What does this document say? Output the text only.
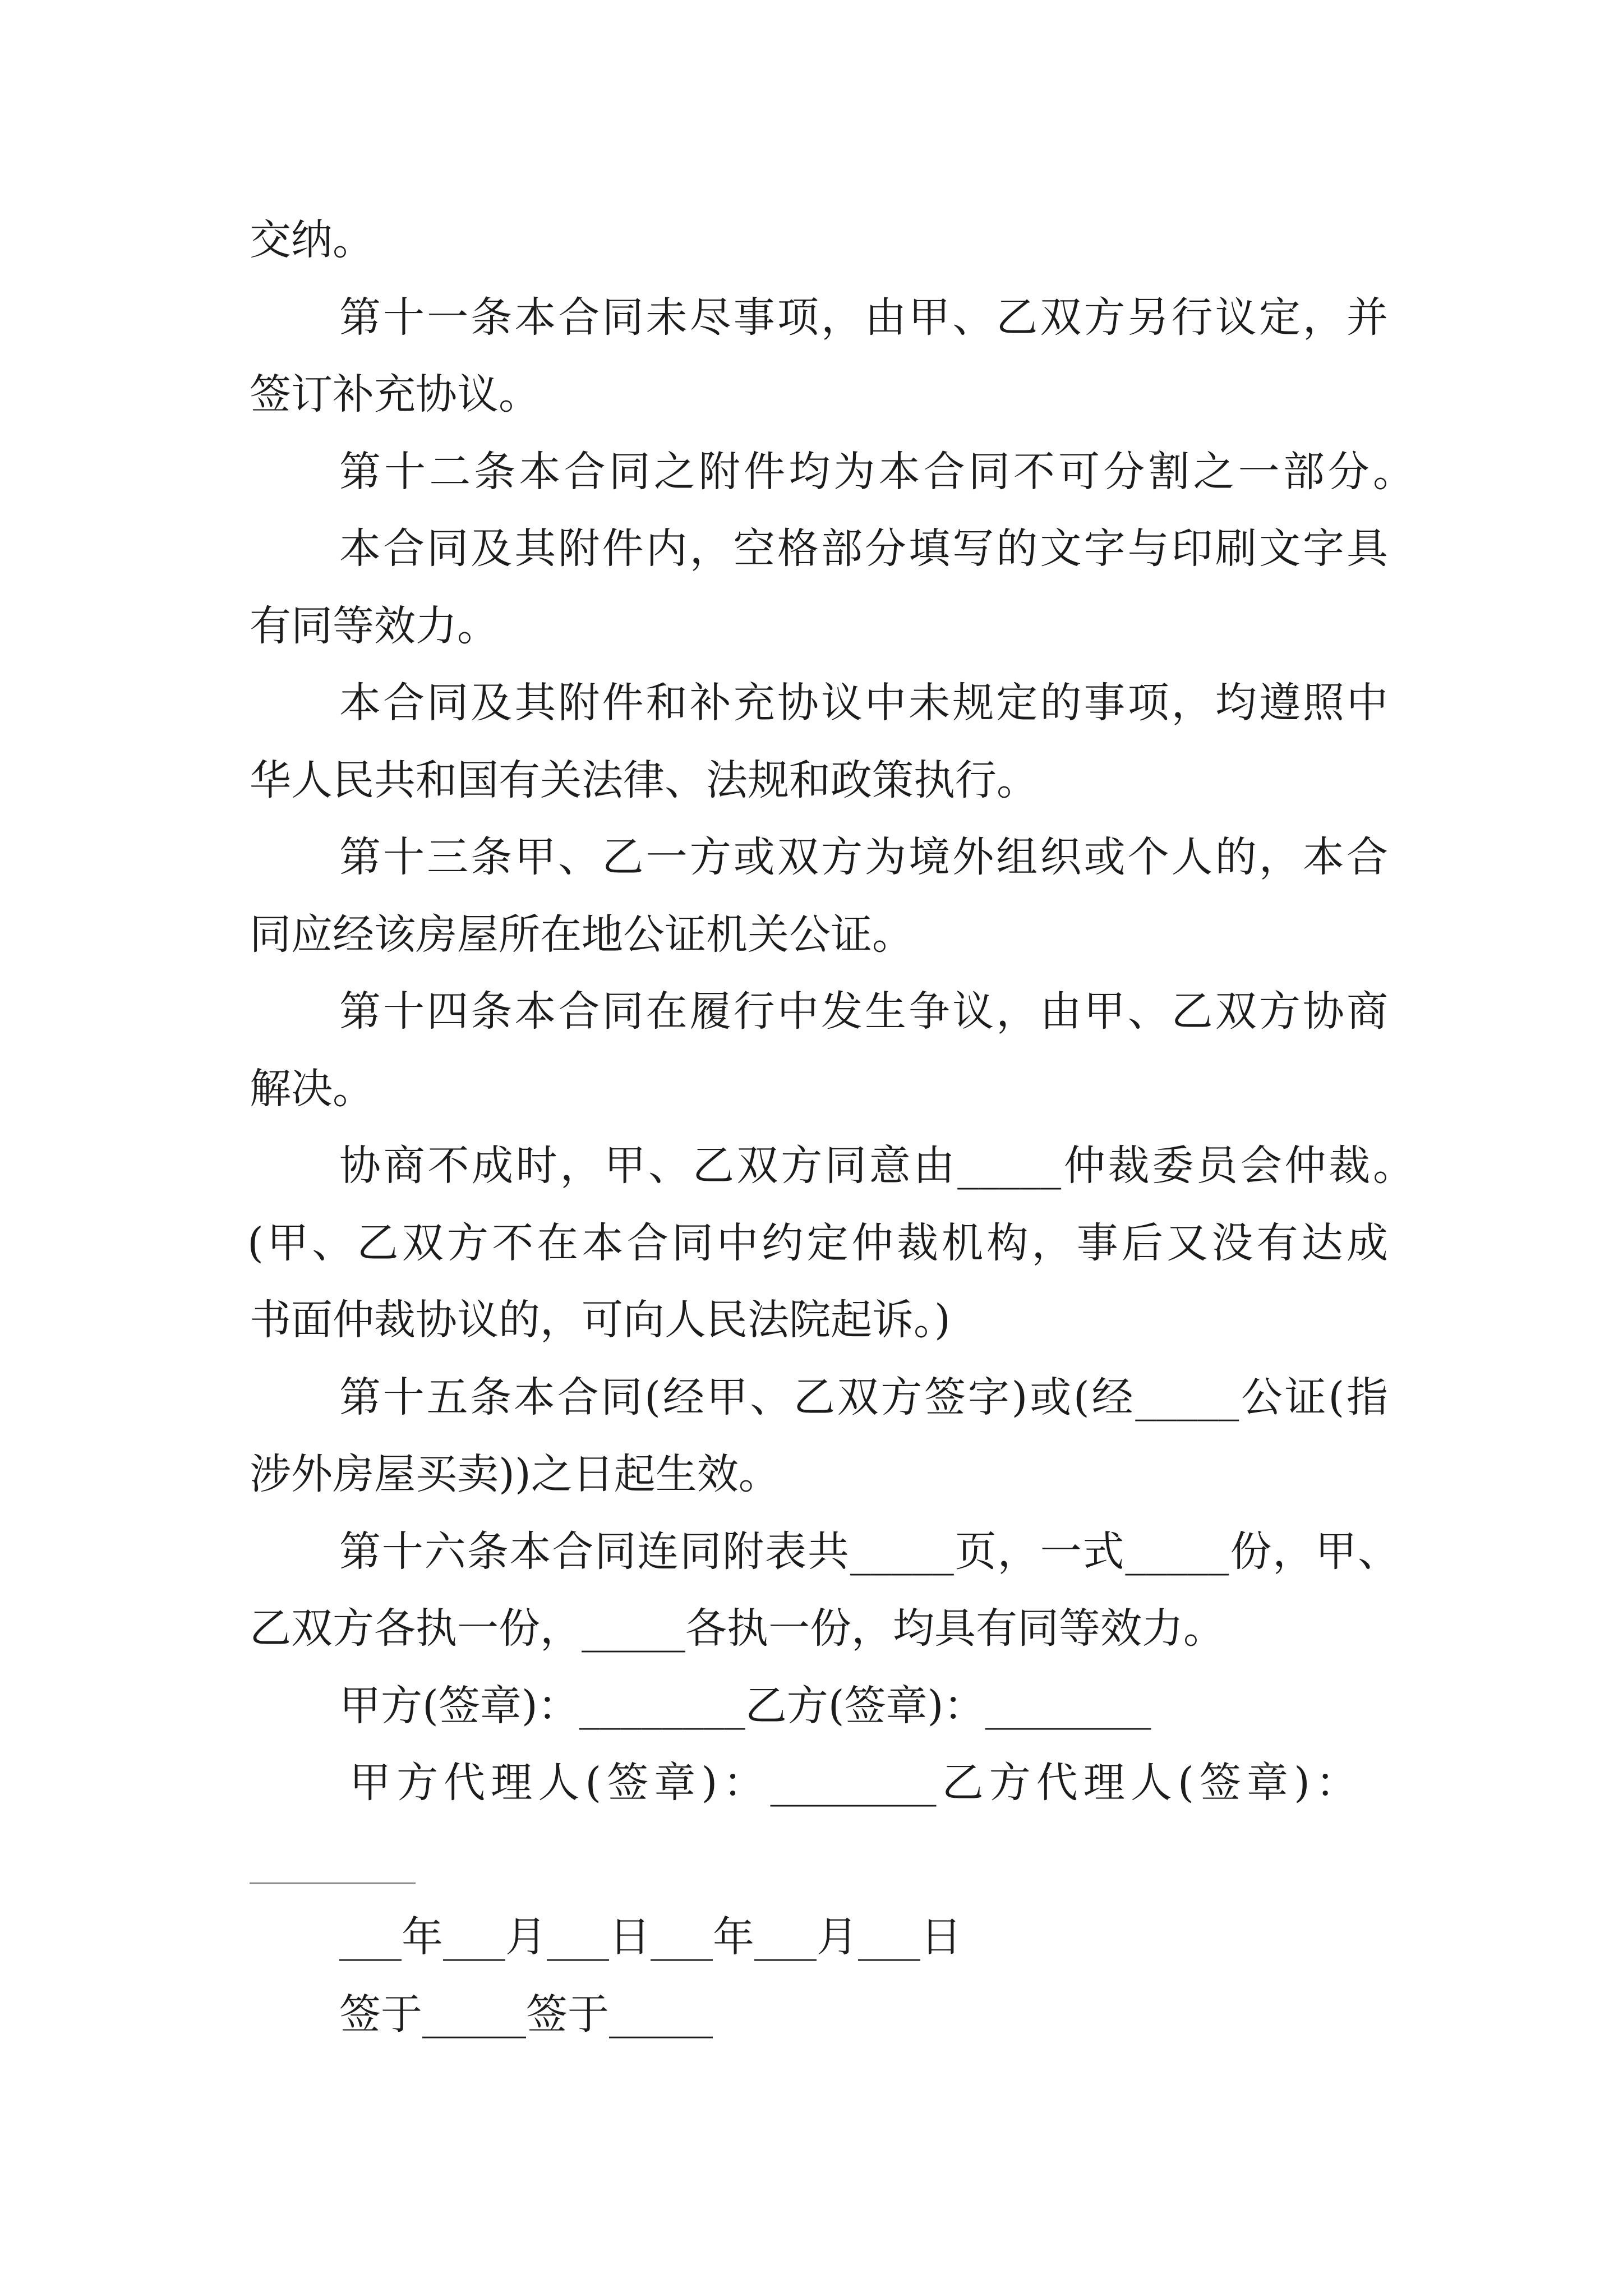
交纳。
第十一条本合同未尽事项，由甲、乙双方另行议定，并
签订补充协议。
第十二条本合同之附件均为本合同不可分割之一部分。
本合同及其附件内，空格部分填写的文字与印刷文字具
有同等效力。
本合同及其附件和补充协议中未规定的事项，均遵照中
华人民共和国有关法律、法规和政策执行。
第十三条甲、乙一方或双方为境外组织或个人的，本合
同应经该房屋所在地公证机关公证。
第十四条本合同在履行中发生争议，由甲、乙双方协商
解决。
协商不成时，甲、乙双方同意由_____仲裁委员会仲裁。
(甲、乙双方不在本合同中约定仲裁机构，事后又没有达成
书面仲裁协议的，可向人民法院起诉。)
第十五条本合同(经甲、乙双方签字)或(经_____公证(指
涉外房屋买卖))之日起生效。
第十六条本合同连同附表共_____页，一式_____份，甲、
乙双方各执一份，_____各执一份，均具有同等效力。
甲方(签章)：________乙方(签章)：________
甲方代理人(签章)：________乙方代理人(签章)：
________
___年___月___日___年___月___日
签于_____签于_____
